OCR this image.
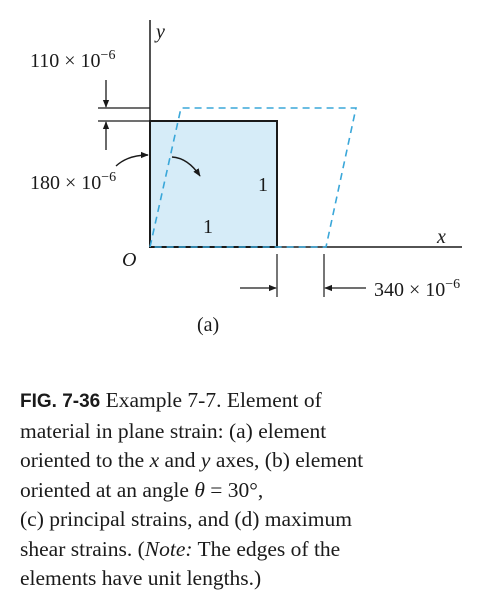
y
x
O
$110 \times 10^{-6}$
$180 \times 10^{-6}$
$340 \times 10^{-6}$
1
1
(a)
FIG. 7-36 Example 7-7. Element of
material in plane strain: (a) element
oriented to the x and y axes, (b) element
oriented at an angle θ = 30°,
(c) principal strains, and (d) maximum
shear strains. (Note: The edges of the
elements have unit lengths.)
